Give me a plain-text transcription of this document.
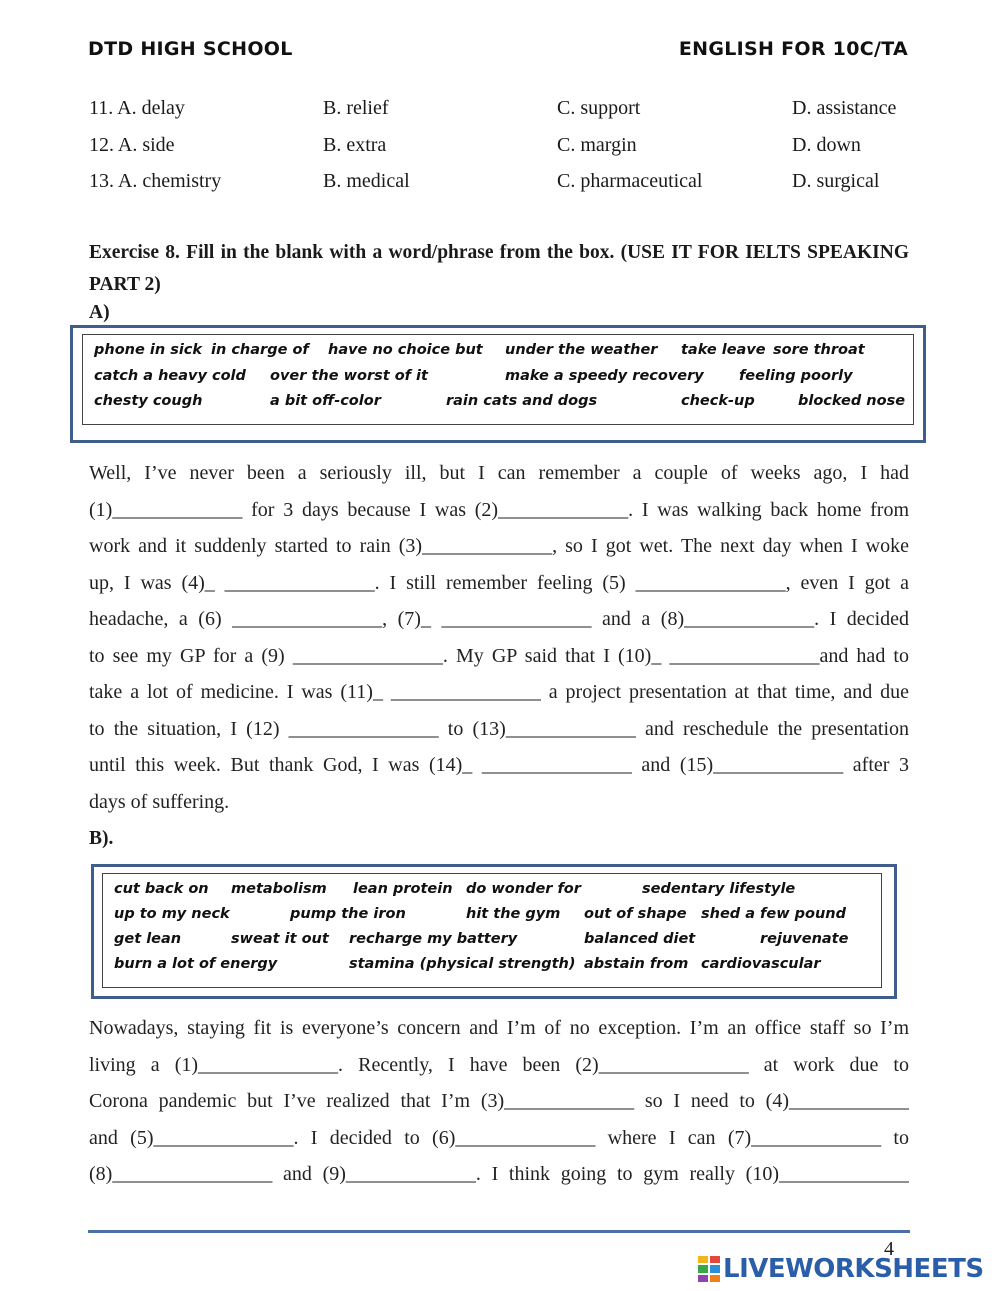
DTD HIGH SCHOOL	ENGLISH FOR 10C/TA
11. A. delay	B. relief	C. support	D. assistance
12. A. side	B. extra	C. margin	D. down
13. A. chemistry	B. medical	C. pharmaceutical	D. surgical
Exercise 8. Fill in the blank with a word/phrase from the box. (USE IT FOR IELTS SPEAKING PART 2)
A)
phone in sick in charge of have no choice but under the weather take leave sore throat
catch a heavy cold over the worst of it	make a speedy recovery feeling poorly
chesty cough	a bit off-color	rain cats and dogs	check-up	blocked nose
Well, I’ve never been a seriously ill, but I can remember a couple of weeks ago, I had
(1)_____________ for 3 days because I was (2)_____________. I was walking back home from
work and it suddenly started to rain (3)_____________, so I got wet. The next day when I woke
up, I was (4)_ _______________. I still remember feeling (5) _______________, even I got a
headache, a (6) _______________, (7)_ _______________ and a (8)_____________. I decided
to see my GP for a (9) _______________. My GP said that I (10)_ _______________and had to
take a lot of medicine. I was (11)_ _______________ a project presentation at that time, and due
to the situation, I (12) _______________ to (13)_____________ and reschedule the presentation
until this week. But thank God, I was (14)_ _______________ and (15)_____________ after 3
days of suffering.
B).
cut back on metabolism lean protein do wonder for	sedentary lifestyle
up to my neck	pump the iron	hit the gym out of shape shed a few pound
get lean	sweat it out recharge my battery	balanced diet	rejuvenate
burn a lot of energy	stamina (physical strength) abstain from cardiovascular
Nowadays, staying fit is everyone’s concern and I’m of no exception. I’m an office staff so I’m
living a (1)______________. Recently, I have been (2)_______________ at work due to
Corona pandemic but I’ve realized that I’m (3)_____________ so I need to (4)____________
and (5)______________. I decided to (6)______________ where I can (7)_____________ to
(8)________________ and (9)_____________. I think going to gym really (10)_____________
4
LIVEWORKSHEETS
